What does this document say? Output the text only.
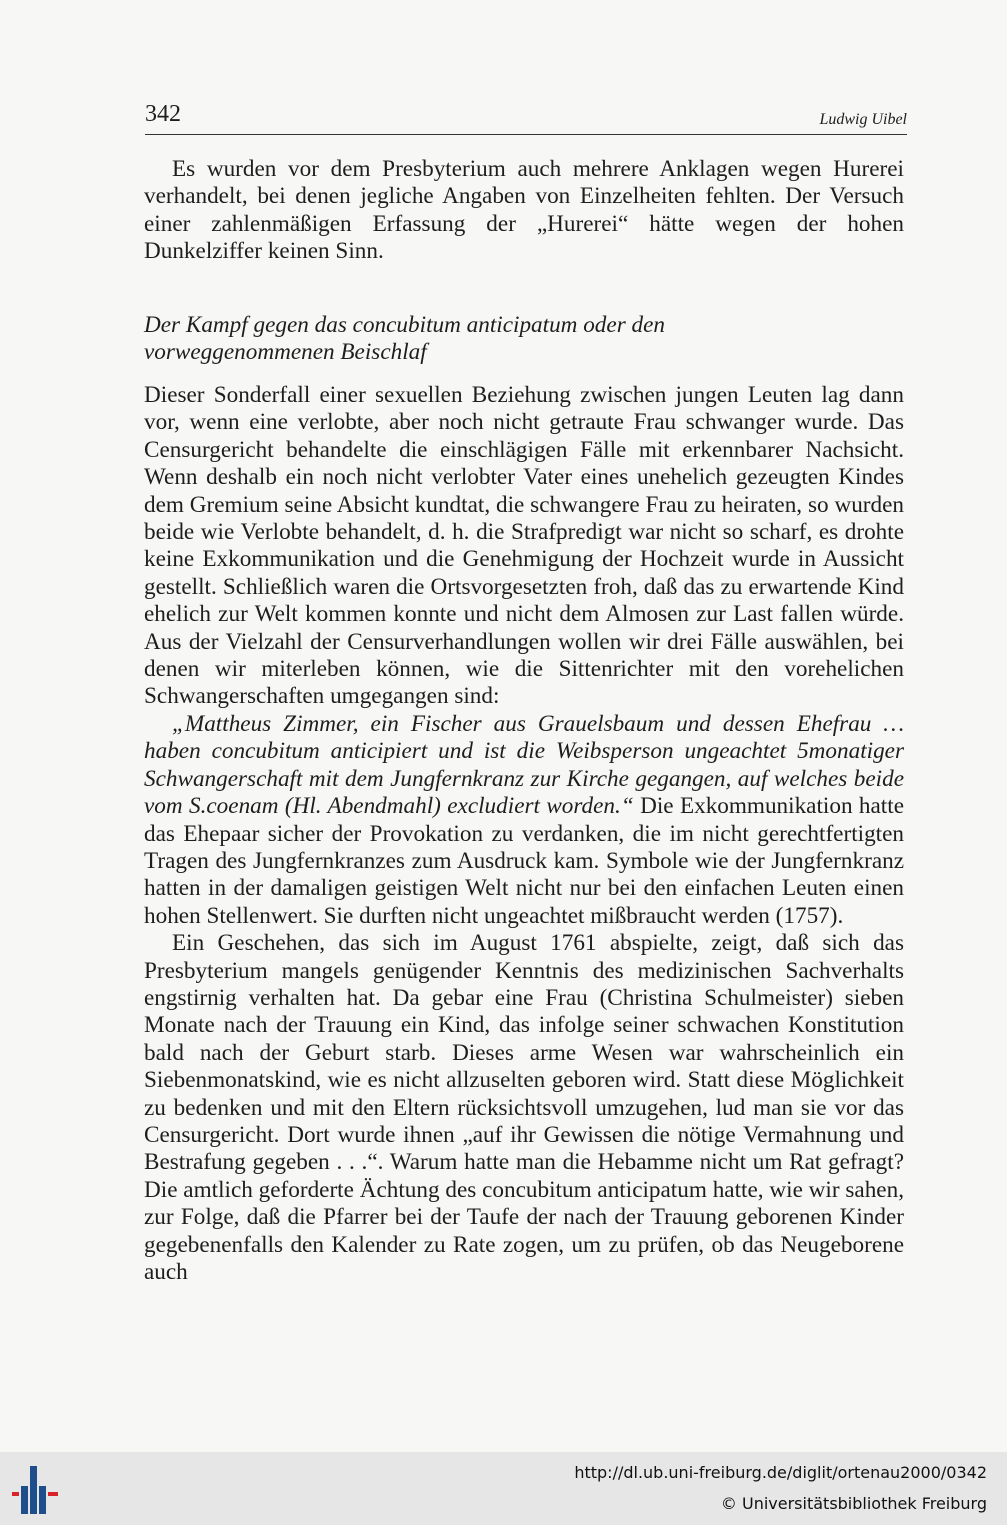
342	Ludwig Uibel

Es wurden vor dem Presbyterium auch mehrere Anklagen wegen Hurerei verhandelt, bei denen jegliche Angaben von Einzelheiten fehlten. Der Versuch einer zahlenmäßigen Erfassung der „Hurerei“ hätte wegen der hohen Dunkelziffer keinen Sinn.

Der Kampf gegen das concubitum anticipatum oder den
vorweggenommenen Beischlaf

Dieser Sonderfall einer sexuellen Beziehung zwischen jungen Leuten lag dann vor, wenn eine verlobte, aber noch nicht getraute Frau schwanger wurde. Das Censurgericht behandelte die einschlägigen Fälle mit erkennbarer Nachsicht. Wenn deshalb ein noch nicht verlobter Vater eines unehelich gezeugten Kindes dem Gremium seine Absicht kundtat, die schwangere Frau zu heiraten, so wurden beide wie Verlobte behandelt, d. h. die Strafpredigt war nicht so scharf, es drohte keine Exkommunikation und die Genehmigung der Hochzeit wurde in Aussicht gestellt. Schließlich waren die Ortsvorgesetzten froh, daß das zu erwartende Kind ehelich zur Welt kommen konnte und nicht dem Almosen zur Last fallen würde. Aus der Vielzahl der Censurverhandlungen wollen wir drei Fälle auswählen, bei denen wir miterleben können, wie die Sittenrichter mit den vorehelichen Schwangerschaften umgegangen sind:

„Mattheus Zimmer, ein Fischer aus Grauelsbaum und dessen Ehefrau … haben concubitum anticipiert und ist die Weibsperson ungeachtet 5monatiger Schwangerschaft mit dem Jungfernkranz zur Kirche gegangen, auf welches beide vom S.coenam (Hl. Abendmahl) excludiert worden.“ Die Exkommunikation hatte das Ehepaar sicher der Provokation zu verdanken, die im nicht gerechtfertigten Tragen des Jungfernkranzes zum Ausdruck kam. Symbole wie der Jungfernkranz hatten in der damaligen geistigen Welt nicht nur bei den einfachen Leuten einen hohen Stellenwert. Sie durften nicht ungeachtet mißbraucht werden (1757).

Ein Geschehen, das sich im August 1761 abspielte, zeigt, daß sich das Presbyterium mangels genügender Kenntnis des medizinischen Sachverhalts engstirnig verhalten hat. Da gebar eine Frau (Christina Schulmeister) sieben Monate nach der Trauung ein Kind, das infolge seiner schwachen Konstitution bald nach der Geburt starb. Dieses arme Wesen war wahrscheinlich ein Siebenmonatskind, wie es nicht allzuselten geboren wird. Statt diese Möglichkeit zu bedenken und mit den Eltern rücksichtsvoll umzugehen, lud man sie vor das Censurgericht. Dort wurde ihnen „auf ihr Gewissen die nötige Vermahnung und Bestrafung gegeben . . .“. Warum hatte man die Hebamme nicht um Rat gefragt? Die amtlich geforderte Ächtung des concubitum anticipatum hatte, wie wir sahen, zur Folge, daß die Pfarrer bei der Taufe der nach der Trauung geborenen Kinder gegebenenfalls den Kalender zu Rate zogen, um zu prüfen, ob das Neugeborene auch

http://dl.ub.uni-freiburg.de/diglit/ortenau2000/0342
© Universitätsbibliothek Freiburg
